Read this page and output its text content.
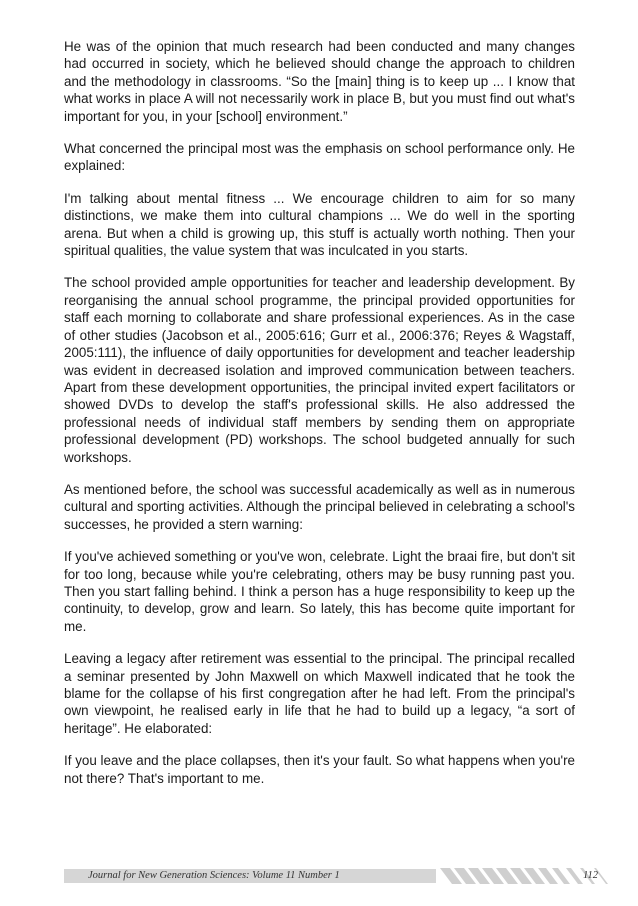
He was of the opinion that much research had been conducted and many changes had occurred in society, which he believed should change the approach to children and the methodology in classrooms. “So the [main] thing is to keep up ... I know that what works in place A will not necessarily work in place B, but you must find out what's important for you, in your [school] environment.”

What concerned the principal most was the emphasis on school performance only. He explained:

I'm talking about mental fitness ... We encourage children to aim for so many distinctions, we make them into cultural champions ... We do well in the sporting arena. But when a child is growing up, this stuff is actually worth nothing. Then your spiritual qualities, the value system that was inculcated in you starts.

The school provided ample opportunities for teacher and leadership development. By reorganising the annual school programme, the principal provided opportunities for staff each morning to collaborate and share professional experiences. As in the case of other studies (Jacobson et al., 2005:616; Gurr et al., 2006:376; Reyes & Wagstaff, 2005:111), the influence of daily opportunities for development and teacher leadership was evident in decreased isolation and improved communication between teachers. Apart from these development opportunities, the principal invited expert facilitators or showed DVDs to develop the staff's professional skills. He also addressed the professional needs of individual staff members by sending them on appropriate professional development (PD) workshops. The school budgeted annually for such workshops.

As mentioned before, the school was successful academically as well as in numerous cultural and sporting activities. Although the principal believed in celebrating a school's successes, he provided a stern warning:

If you've achieved something or you've won, celebrate. Light the braai fire, but don't sit for too long, because while you're celebrating, others may be busy running past you. Then you start falling behind. I think a person has a huge responsibility to keep up the continuity, to develop, grow and learn. So lately, this has become quite important for me.

Leaving a legacy after retirement was essential to the principal. The principal recalled a seminar presented by John Maxwell on which Maxwell indicated that he took the blame for the collapse of his first congregation after he had left. From the principal's own viewpoint, he realised early in life that he had to build up a legacy, “a sort of heritage”. He elaborated:

If you leave and the place collapses, then it's your fault. So what happens when you're not there? That's important to me.

Journal for New Generation Sciences: Volume 11 Number 1	112
